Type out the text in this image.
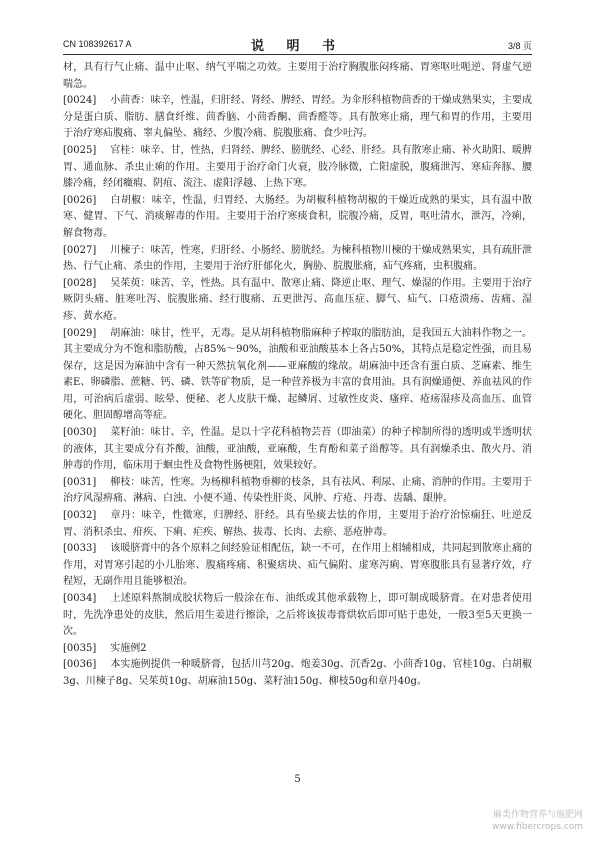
CN 108392617 A	说 明 书	3/8 页

材，具有行气止痛、温中止呕、纳气平喘之功效。主要用于治疗胸腹胀闷疼痛、胃寒呕吐呃逆、肾虚气逆喘急。

[0024] 小茴香：味辛，性温，归肝经、肾经、脾经、胃经。为伞形科植物茴香的干燥成熟果实，主要成分是蛋白质、脂肪、膳食纤维、茴香脑、小茴香酮、茴香醛等。具有散寒止痛，理气和胃的作用，主要用于治疗寒疝腹痛、睾丸偏坠、痛经、少腹冷痛、脘腹胀痛、食少吐泻。

[0025] 官桂：味辛、甘，性热，归肾经、脾经、膀胱经、心经、肝经。具有散寒止痛、补火助阳、暖脾胃、通血脉、杀虫止痢的作用。主要用于治疗命门火衰，肢冷脉微，亡阳虚脱，腹痛泄泻、寒疝奔豚、腰膝冷痛，经闭癥瘕、阴疽、流注、虚阳浮越、上热下寒。

[0026] 白胡椒：味辛，性温，归胃经、大肠经。为胡椒科植物胡椒的干燥近成熟的果实，具有温中散寒、健胃、下气、消痰解毒的作用。主要用于治疗寒痰食积，脘腹冷痛，反胃，呕吐清水，泄泻，冷痢，解食物毒。

[0027] 川楝子：味苦，性寒，归肝经、小肠经、膀胱经。为楝科植物川楝的干燥成熟果实，具有疏肝泄热、行气止痛、杀虫的作用，主要用于治疗肝郁化火，胸胁、脘腹胀痛，疝气疼痛，虫积腹痛。

[0028] 吴茱萸：味苦、辛，性热。具有温中、散寒止痛、降逆止呕、理气、燥湿的作用。主要用于治疗厥阴头痛、脏寒吐泻、脘腹胀痛、经行腹痛、五更泄泻、高血压症、脚气、疝气、口疮溃疡、齿痛、湿疹、黄水疮。

[0029] 胡麻油：味甘，性平，无毒。是从胡科植物脂麻种子榨取的脂肪油，是我国五大油料作物之一。其主要成分为不饱和脂肪酸，占85%～90%，油酸和亚油酸基本上各占50%，其特点是稳定性强，而且易保存，这是因为麻油中含有一种天然抗氧化剂——亚麻酸的缘故。胡麻油中还含有蛋白质、芝麻素、维生素E、卵磷脂、蔗糖、钙、磷、铁等矿物质，是一种营养极为丰富的食用油。具有润燥通便、养血祛风的作用，可治病后虚弱、眩晕、便秘、老人皮肤干燥、起鳞屑、过敏性皮炎、瘙痒、疮疡湿疹及高血压、血管硬化、胆固醇增高等症。

[0030] 菜籽油：味甘、辛，性温。是以十字花科植物芸苔（即油菜）的种子榨制所得的透明或半透明状的液体，其主要成分有芥酸，油酸，亚油酸，亚麻酸，生育酚和菜子甾醇等。具有润燥杀虫、散火丹、消肿毒的作用，临床用于蛔虫性及食物性肠梗阻，效果较好。

[0031] 柳枝：味苦，性寒。为杨柳科植物垂柳的枝条，具有祛风、利尿、止痛、消肿的作用。主要用于治疗风湿痹痛、淋病、白浊、小便不通、传染性肝炎、风肿、疔疮、丹毒、齿龋、龈肿。

[0032] 章丹：味辛，性微寒，归脾经、肝经。具有坠痰去怯的作用，主要用于治疗治惊痫狂、吐逆反胃、消积杀虫、疳疾、下痢、疟疾、解热、拔毒、长肉、去瘀、恶疮肿毒。

[0033] 该暖脐膏中的各个原料之间经验证相配伍，缺一不可，在作用上相辅相成，共同起到散寒止痛的作用，对胃寒引起的小儿胎寒、腹痛疼痛、积聚痞块、疝气偏附、虚寒泻痢、胃寒腹胀具有显著疗效，疗程短，无副作用且能够根治。

[0034] 上述原料熬制成胶状物后一般涂在布、油纸或其他承载物上，即可制成暖脐膏。在对患者使用时，先洗净患处的皮肤，然后用生姜进行擦涂，之后将该拔毒膏烘软后即可贴于患处，一般3至5天更换一次。

[0035] 实施例2

[0036] 本实施例提供一种暖脐膏，包括川芎20g、炮姜30g、沉香2g、小茴香10g、官桂10g、白胡椒3g、川楝子8g、吴茱萸10g、胡麻油150g、菜籽油150g、柳枝50g和章丹40g。

5
麻类作物营养与施肥网
www.fibercrops.com
